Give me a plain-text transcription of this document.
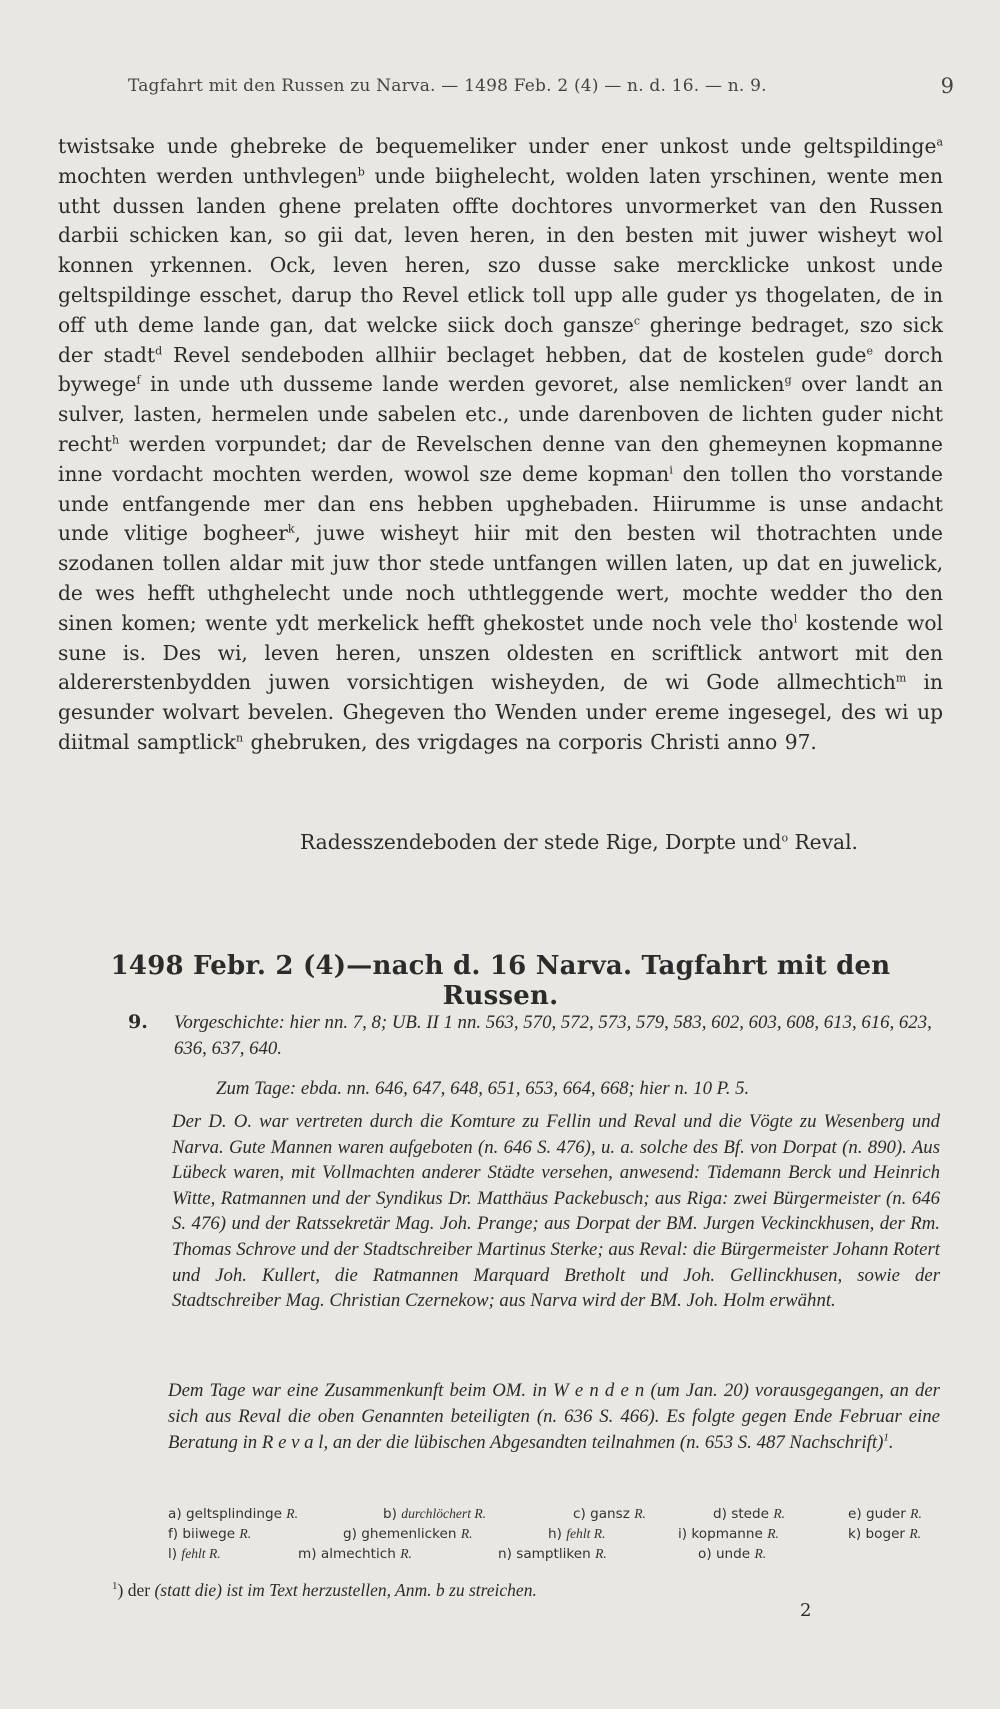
Tagfahrt mit den Russen zu Narva. — 1498 Feb. 2 (4) — n. d. 16. — n. 9.	9

twistsake unde ghebreke de bequemeliker under ener unkost unde geltspildinge$^a$ mochten werden unthvlegen$^b$ unde biighelecht, wolden laten yrschinen, wente men utht dussen landen ghene prelaten offte dochtores unvormerket van den Russen darbii schicken kan, so gii dat, leven heren, in den besten mit juwer wisheyt wol konnen yrkennen. Ock, leven heren, szo dusse sake mercklicke unkost unde geltspildinge esschet, darup tho Revel etlick toll upp alle guder ys thogelaten, de in off uth deme lande gan, dat welcke siick doch gansze$^c$ gheringe bedraget, szo sick der stadt$^d$ Revel sendeboden allhiir beclaget hebben, dat de kostelen gude$^e$ dorch bywege$^f$ in unde uth dusseme lande werden gevoret, alse nemlicken$^g$ over landt an sulver, lasten, hermelen unde sabelen etc., unde darenboven de lichten guder nicht recht$^h$ werden vorpundet; dar de Revelschen denne van den ghemeynen kopmanne inne vordacht mochten werden, wowol sze deme kopman$^i$ den tollen tho vorstande unde entfangende mer dan ens hebben upghebaden. Hiirumme is unse andacht unde vlitige bogheer$^k$, juwe wisheyt hiir mit den besten wil thotrachten unde szodanen tollen aldar mit juw thor stede untfangen willen laten, up dat en juwelick, de wes hefft uthghelecht unde noch uthtleggende wert, mochte wedder tho den sinen komen; wente ydt merkelick hefft ghekostet unde noch vele tho$^l$ kostende wol sune is. Des wi, leven heren, unszen oldesten en scriftlick antwort mit den aldererstenbydden juwen vorsichtigen wisheyden, de wi Gode allmechtich$^m$ in gesunder wolvart bevelen. Ghegeven tho Wenden under ereme ingesegel, des wi up diitmal samptlick$^n$ ghebruken, des vrigdages na corporis Christi anno 97.

Radesszendeboden der stede Rige, Dorpte und$^o$ Reval.
1498 Febr. 2 (4)—nach d. 16 Narva. Tagfahrt mit den Russen.
9. Vorgeschichte: hier nn. 7, 8; UB. II 1 nn. 563, 570, 572, 573, 579, 583, 602, 603, 608, 613, 616, 623, 636, 637, 640.
Zum Tage: ebda. nn. 646, 647, 648, 651, 653, 664, 668; hier n. 10 P. 5.
Der D. O. war vertreten durch die Komture zu Fellin und Reval und die Vögte zu Wesenberg und Narva. Gute Mannen waren aufgeboten (n. 646 S. 476), u. a. solche des Bf. von Dorpat (n. 890). Aus Lübeck waren, mit Vollmachten anderer Städte versehen, anwesend: Tidemann Berck und Heinrich Witte, Ratmannen und der Syndikus Dr. Matthäus Packebusch; aus Riga: zwei Bürgermeister (n. 646 S. 476) und der Ratssekretär Mag. Joh. Prange; aus Dorpat der BM. Jurgen Veckinckhusen, der Rm. Thomas Schrove und der Stadtschreiber Martinus Sterke; aus Reval: die Bürgermeister Johann Rotert und Joh. Kullert, die Ratmannen Marquard Bretholt und Joh. Gellinckhusen, sowie der Stadtschreiber Mag. Christian Czernekow; aus Narva wird der BM. Joh. Holm erwähnt.
Dem Tage war eine Zusammenkunft beim OM. in W e n d e n (um Jan. 20) vorausgegangen, an der sich aus Reval die oben Genannten beteiligten (n. 636 S. 466). Es folgte gegen Ende Februar eine Beratung in R e v a l, an der die lübischen Abgesandten teilnahmen (n. 653 S. 487 Nachschrift)$^1$.
a) geltsplindinge R.	b) durchlöchert R.	c) gansz R.	d) stede R.	e) guder R.
f) biiwege R.	g) ghemenlicken R.	h) fehlt R.	i) kopmanne R.	k) boger R.
l) fehlt R.	m) almechtich R.	n) samptliken R.	o) unde R.
$^1$) der (statt die) ist im Text herzustellen, Anm. b zu streichen.
2
